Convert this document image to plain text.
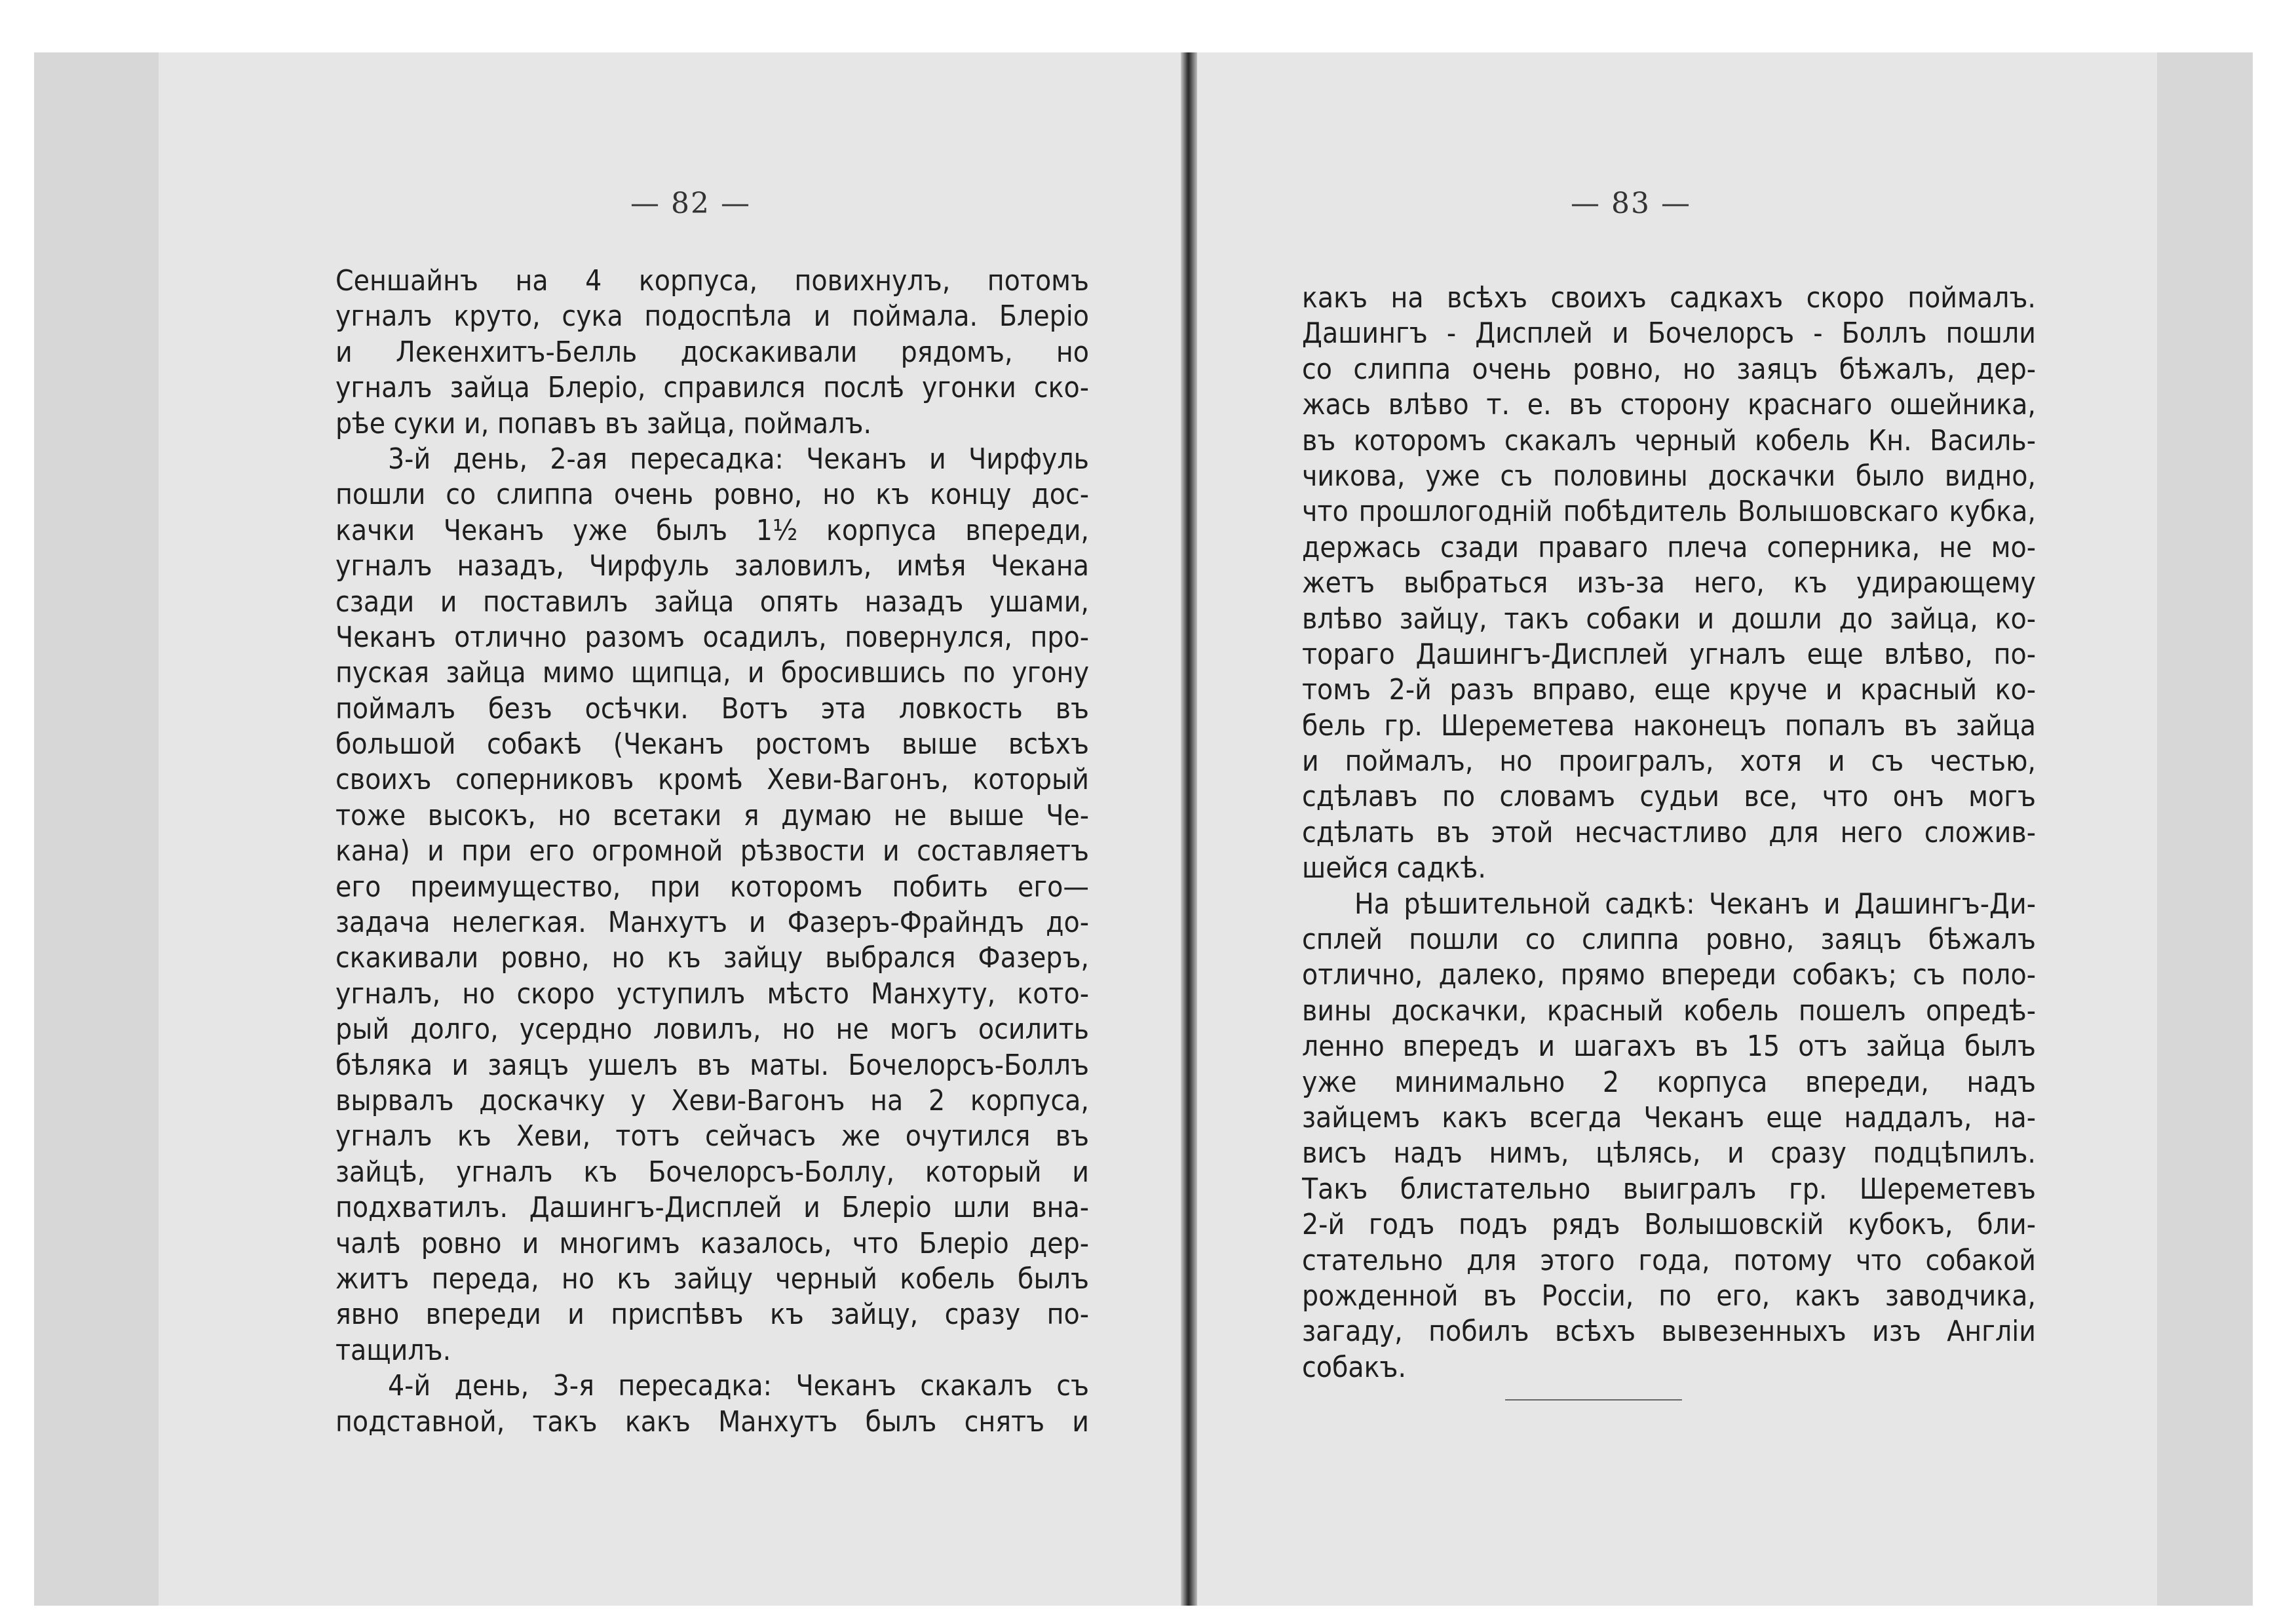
— 82 —
Сеншайнъ на 4 корпуса, повихнулъ, потомъ
угналъ круто, сука подоспѣла и поймала. Блеріо
и Лекенхитъ-Белль доскакивали рядомъ, но
угналъ зайца Блеріо, справился послѣ угонки ско-
рѣе суки и, попавъ въ зайца, поймалъ.
3-й день, 2-ая пересадка: Чеканъ и Чирфуль
пошли со слиппа очень ровно, но къ концу дос-
качки Чеканъ уже былъ 1½ корпуса впереди,
угналъ назадъ, Чирфуль заловилъ, имѣя Чекана
сзади и поставилъ зайца опять назадъ ушами,
Чеканъ отлично разомъ осадилъ, повернулся, про-
пуская зайца мимо щипца, и бросившись по угону
поймалъ безъ осѣчки. Вотъ эта ловкость въ
большой собакѣ (Чеканъ ростомъ выше всѣхъ
своихъ соперниковъ кромѣ Хеви-Вагонъ, который
тоже высокъ, но всетаки я думаю не выше Че-
кана) и при его огромной рѣзвости и составляетъ
его преимущество, при которомъ побить его—
задача нелегкая. Манхутъ и Фазеръ-Фрайндъ до-
скакивали ровно, но къ зайцу выбрался Фазеръ,
угналъ, но скоро уступилъ мѣсто Манхуту, кото-
рый долго, усердно ловилъ, но не могъ осилить
бѣляка и заяцъ ушелъ въ маты. Бочелорсъ-Боллъ
вырвалъ доскачку у Хеви-Вагонъ на 2 корпуса,
угналъ къ Хеви, тотъ сейчасъ же очутился въ
зайцѣ, угналъ къ Бочелорсъ-Боллу, который и
подхватилъ. Дашингъ-Дисплей и Блеріо шли вна-
чалѣ ровно и многимъ казалось, что Блеріо дер-
житъ переда, но къ зайцу черный кобель былъ
явно впереди и приспѣвъ къ зайцу, сразу по-
тащилъ.
4-й день, 3-я пересадка: Чеканъ скакалъ съ
подставной, такъ какъ Манхутъ былъ снятъ и
— 83 —
какъ на всѣхъ своихъ садкахъ скоро поймалъ.
Дашингъ - Дисплей и Бочелорсъ - Боллъ пошли
со слиппа очень ровно, но заяцъ бѣжалъ, дер-
жась влѣво т. е. въ сторону краснаго ошейника,
въ которомъ скакалъ черный кобель Кн. Василь-
чикова, уже съ половины доскачки было видно,
что прошлогодній побѣдитель Волышовскаго кубка,
держась сзади праваго плеча соперника, не мо-
жетъ выбраться изъ-за него, къ удирающему
влѣво зайцу, такъ собаки и дошли до зайца, ко-
тораго Дашингъ-Дисплей угналъ еще влѣво, по-
томъ 2-й разъ вправо, еще круче и красный ко-
бель гр. Шереметева наконецъ попалъ въ зайца
и поймалъ, но проигралъ, хотя и съ честью,
сдѣлавъ по словамъ судьи все, что онъ могъ
сдѣлать въ этой несчастливо для него сложив-
шейся садкѣ.
На рѣшительной садкѣ: Чеканъ и Дашингъ-Ди-
сплей пошли со слиппа ровно, заяцъ бѣжалъ
отлично, далеко, прямо впереди собакъ; съ поло-
вины доскачки, красный кобель пошелъ опредѣ-
ленно впередъ и шагахъ въ 15 отъ зайца былъ
уже минимально 2 корпуса впереди, надъ
зайцемъ какъ всегда Чеканъ еще наддалъ, на-
висъ надъ нимъ, цѣлясь, и сразу подцѣпилъ.
Такъ блистательно выигралъ гр. Шереметевъ
2-й годъ подъ рядъ Волышовскій кубокъ, бли-
стательно для этого года, потому что собакой
рожденной въ Россіи, по его, какъ заводчика,
загаду, побилъ всѣхъ вывезенныхъ изъ Англіи
собакъ.
